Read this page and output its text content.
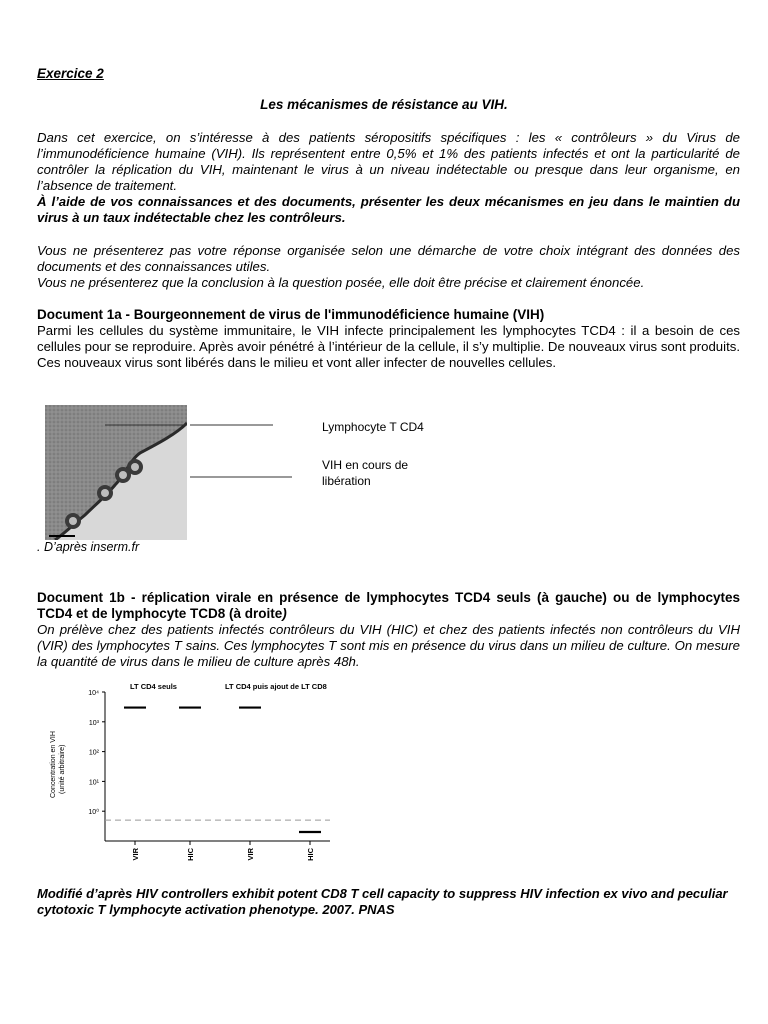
Exercice 2
Les mécanismes de résistance au VIH.

Dans cet exercice, on s’intéresse à des patients séropositifs spécifiques : les « contrôleurs » du Virus de l’immunodéficience humaine (VIH). Ils représentent entre 0,5% et 1% des patients infectés et ont la particularité de contrôler la réplication du VIH, maintenant le virus à un niveau indétectable ou presque dans leur organisme, en l’absence de traitement.

À l’aide de vos connaissances et des documents, présenter les deux mécanismes en jeu dans le maintien du virus à un taux indétectable chez les contrôleurs.

Vous ne présenterez pas votre réponse organisée selon une démarche de votre choix intégrant des données des documents et des connaissances utiles.
Vous ne présenterez que la conclusion à la question posée, elle doit être précise et clairement énoncée.
Document 1a - Bourgeonnement de virus de l'immunodéficience humaine (VIH)

Parmi les cellules du système immunitaire, le VIH infecte principalement les lymphocytes TCD4 : il a besoin de ces cellules pour se reproduire. Après avoir pénétré à l’intérieur de la cellule, il s’y multiplie. De nouveaux virus sont produits. Ces nouveaux virus sont libérés dans le milieu et vont aller infecter de nouvelles cellules.

Lymphocyte T CD4
VIH en cours de
libération
. D’après inserm.fr
Document 1b - réplication virale en présence de lymphocytes TCD4 seuls (à gauche) ou de lymphocytes TCD4 et de lymphocyte TCD8 (à droite)

On prélève chez des patients infectés contrôleurs du VIH (HIC) et chez des patients infectés non contrôleurs du VIH (VIR) des lymphocytes T sains. Ces lymphocytes T sont mis en présence du virus dans un milieu de culture. On mesure la quantité de virus dans le milieu de culture après 48h.

LT CD4 seuls	LT CD4 puis ajout de LT CD8
Concentration en VIH (unité arbitraire)
10⁰
10¹
10²
10³
10⁴
VIR	HIC	VIR	HIC
Modifié d’après HIV controllers exhibit potent CD8 T cell capacity to suppress HIV infection ex vivo and peculiar cytotoxic T lymphocyte activation phenotype. 2007. PNAS
